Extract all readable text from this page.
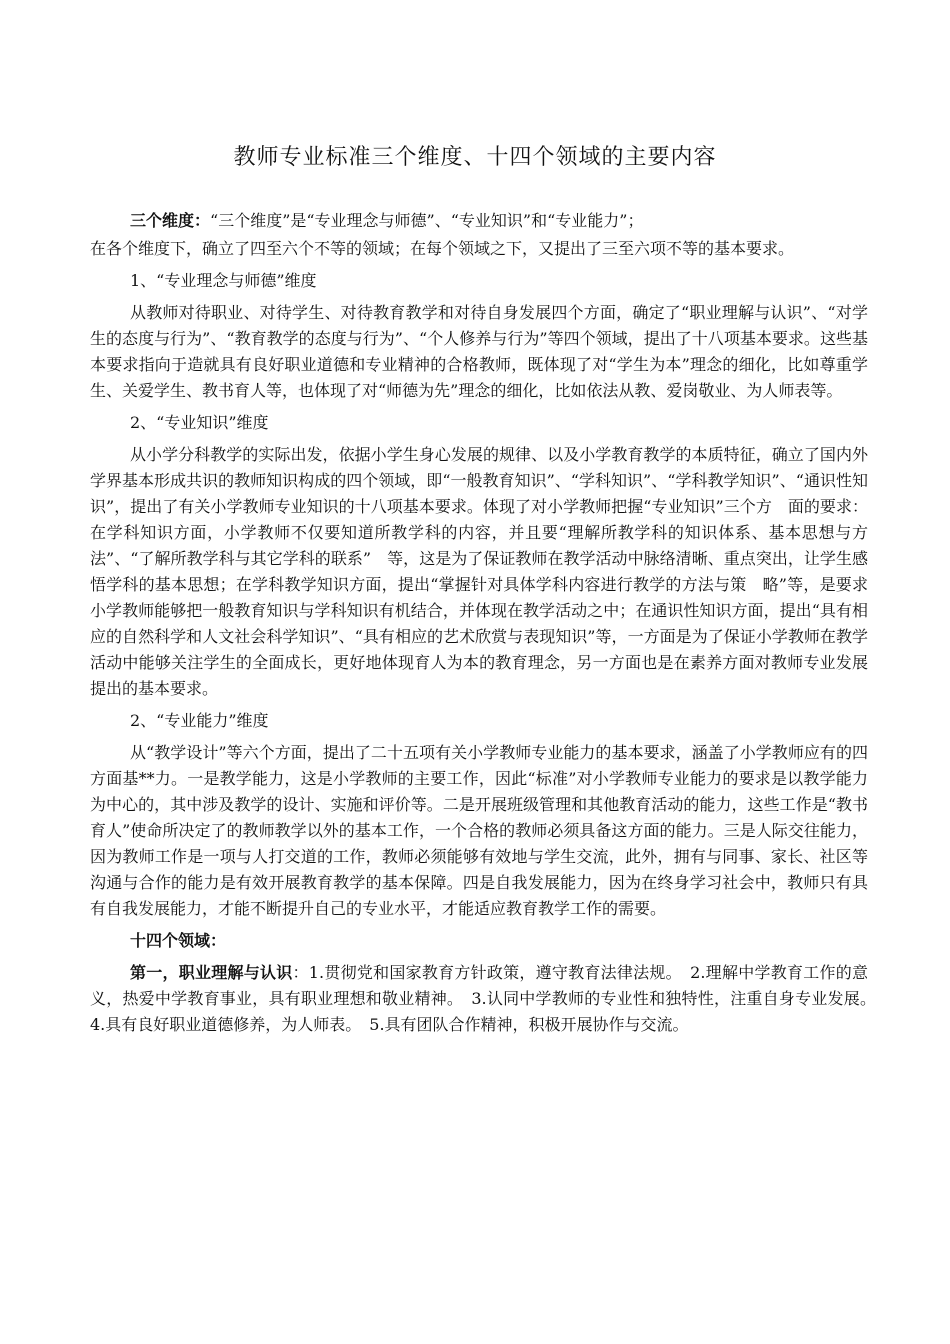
教师专业标准三个维度、十四个领域的主要内容

三个维度：“三个维度”是“专业理念与师德”、“专业知识”和“专业能力”；

在各个维度下，确立了四至六个不等的领域；在每个领域之下，又提出了三至六项不等的基本要求。

1、“专业理念与师德”维度

从教师对待职业、对待学生、对待教育教学和对待自身发展四个方面，确定了“职业理解与认识”、“对学生的态度与行为”、“教育教学的态度与行为”、“个人修养与行为”等四个领域，提出了十八项基本要求。这些基本要求指向于造就具有良好职业道德和专业精神的合格教师，既体现了对“学生为本”理念的细化，比如尊重学生、关爱学生、教书育人等，也体现了对“师德为先”理念的细化，比如依法从教、爱岗敬业、为人师表等。

2、“专业知识”维度

从小学分科教学的实际出发，依据小学生身心发展的规律、以及小学教育教学的本质特征，确立了国内外学界基本形成共识的教师知识构成的四个领域，即“一般教育知识”、“学科知识”、“学科教学知识”、“通识性知识”，提出了有关小学教师专业知识的十八项基本要求。体现了对小学教师把握“专业知识”三个方　面的要求：在学科知识方面，小学教师不仅要知道所教学科的内容，并且要“理解所教学科的知识体系、基本思想与方法”、“了解所教学科与其它学科的联系”　等，这是为了保证教师在教学活动中脉络清晰、重点突出，让学生感悟学科的基本思想；在学科教学知识方面，提出“掌握针对具体学科内容进行教学的方法与策　略”等，是要求小学教师能够把一般教育知识与学科知识有机结合，并体现在教学活动之中；在通识性知识方面，提出“具有相应的自然科学和人文社会科学知识”、“具有相应的艺术欣赏与表现知识”等，一方面是为了保证小学教师在教学活动中能够关注学生的全面成长，更好地体现育人为本的教育理念，另一方面也是在素养方面对教师专业发展提出的基本要求。

2、“专业能力”维度

从“教学设计”等六个方面，提出了二十五项有关小学教师专业能力的基本要求，涵盖了小学教师应有的四方面基**力。一是教学能力，这是小学教师的主要工作，因此“标准”对小学教师专业能力的要求是以教学能力为中心的，其中涉及教学的设计、实施和评价等。二是开展班级管理和其他教育活动的能力，这些工作是“教书育人”使命所决定了的教师教学以外的基本工作，一个合格的教师必须具备这方面的能力。三是人际交往能力，因为教师工作是一项与人打交道的工作，教师必须能够有效地与学生交流，此外，拥有与同事、家长、社区等沟通与合作的能力是有效开展教育教学的基本保障。四是自我发展能力，因为在终身学习社会中，教师只有具有自我发展能力，才能不断提升自己的专业水平，才能适应教育教学工作的需要。

十四个领域：

第一，职业理解与认识：1.贯彻党和国家教育方针政策，遵守教育法律法规。　2.理解中学教育工作的意义，热爱中学教育事业，具有职业理想和敬业精神。　3.认同中学教师的专业性和独特性，注重自身专业发展。　4.具有良好职业道德修养，为人师表。　5.具有团队合作精神，积极开展协作与交流。
